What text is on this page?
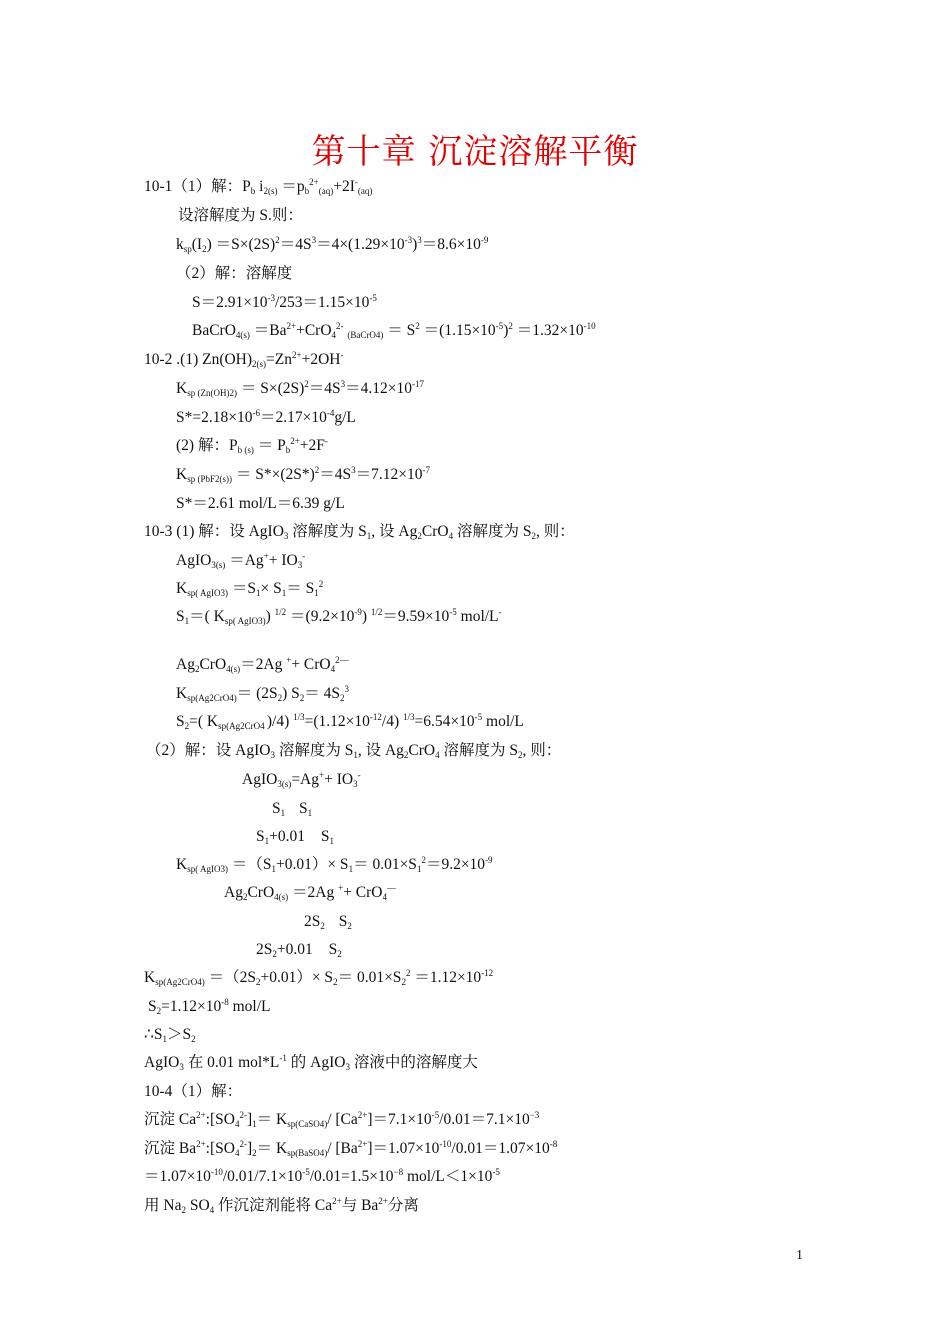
第十章 沉淀溶解平衡
10-1（1）解：$P_b$ $i_{2(s)} =p_b^{2+}_{(aq)}+2I^-_{(aq)}$
设溶解度为 S.则：
$k_{sp}(I_2) =S\times(2S)^2=4S^3=4\times(1.29\times 10^{-3})^3=8.6\times 10^{-9}$
（2）解：溶解度
$S=2.91\times 10^{-3}/253=1.15\times 10^{-5}$
BaCrO$_{4(s)}$ $=Ba^{2+}+CrO_4^{2-}$ $_{(BaCrO4)} = S^2 =(1.15\times 10^{-5})^2 =1.32\times 10^{-10}$
10-2 .(1) $Zn(OH)_{2(s)}=Zn^{2+}+2OH^-$
$K_{sp (Zn(OH)2)} = S\times(2S)^2=4S^3=4.12\times 10^{-17}$
$S*=2.18\times 10^{-6}=2.17\times 10^{-4}g/L$
(2) 解：$P_{b (s)} = P_b^{2+}+2F^-$
$K_{sp (PbF2(s))} = S*\times(2S*)^2=4S^3=7.12\times 10^{-7}$
S*＝2.61 mol/L＝6.39 g/L
10-3 (1) 解：设 AgIO$_3$ 溶解度为 $S_1$, 设 $Ag_2CrO_4$ 溶解度为 $S_2$, 则：
AgIO$_{3(s)}$ $=Ag^++ IO_3^-$
$K_{sp( AgIO3)} =S_1\times S_1= S_1^2$
$S_1=$( $K_{sp( AgIO3)}$) $^{1/2} =(9.2\times 10^{-9})$ $^{1/2}=9.59\times 10^{-5}$ mol/L-
$Ag_2CrO_{4(s)}=2Ag$ ++ CrO$_4^{2—}$
$K_{sp(Ag2CrO4)}= (2S_2)$ $S_2= 4S_2^3$
$S_2=$( $K_{sp(Ag2CrO4}$ )/4) $^{1/3}=(1.12\times 10^{-12}/4)$ $^{1/3}=6.54\times 10^{-5}$ mol/L
（2）解：设 AgIO$_3$ 溶解度为 $S_1$, 设 $Ag_2CrO_4$ 溶解度为 $S_2$, 则：
AgIO$_{3(s)}$=Ag++ $IO_3^-$
$S_1$ $S_1$
$S_1+0.01$ $S_1$
$K_{sp( AgIO3)} =(S_1+0.01)\times S_1= 0.01\times S_1^2=9.2\times 10^{-9}$
$Ag_2CrO_{4(s)} =2Ag$ ++ CrO$_4$—
$2S_2$ $S_2$
$2S_2+0.01$ $S_2$
$K_{sp(Ag2CrO4)} =(2S_2+0.01)\times S_2= 0.01\times S_2^2 =1.12\times 10^{-12}$
$S_2=1.12\times 10^{-8}$ mol/L
$\therefore S_1>S_2$
AgIO$_3$ 在 0.01 $mol*L^{-1}$ 的 AgIO$_3$ 溶液中的溶解度大
10-4（1）解：
沉淀 $Ca^{2+}:[SO_4^{2-}]_1= K_{sp(CaSO4)}/$ $[Ca^{2+}]=7.1\times 10^{-5}/0.01=7.1\times 10^{-3}$
沉淀 $Ba^{2+}:[SO_4^{2-}]_2= K_{sp(BaSO4)}/$ $[Ba^{2+}]=1.07\times 10^{-10}/0.01=1.07\times 10^{-8}$
$=1.07\times 10^{-10}/0.01/7.1\times 10^{-5}/0.01=1.5\times 10^{-8}$ mol/$L<1\times 10^{-5}$
用 $Na_2$ $SO_4$ 作沉淀剂能将 $Ca^{2+}$与 $Ba^{2+}$分离
1
